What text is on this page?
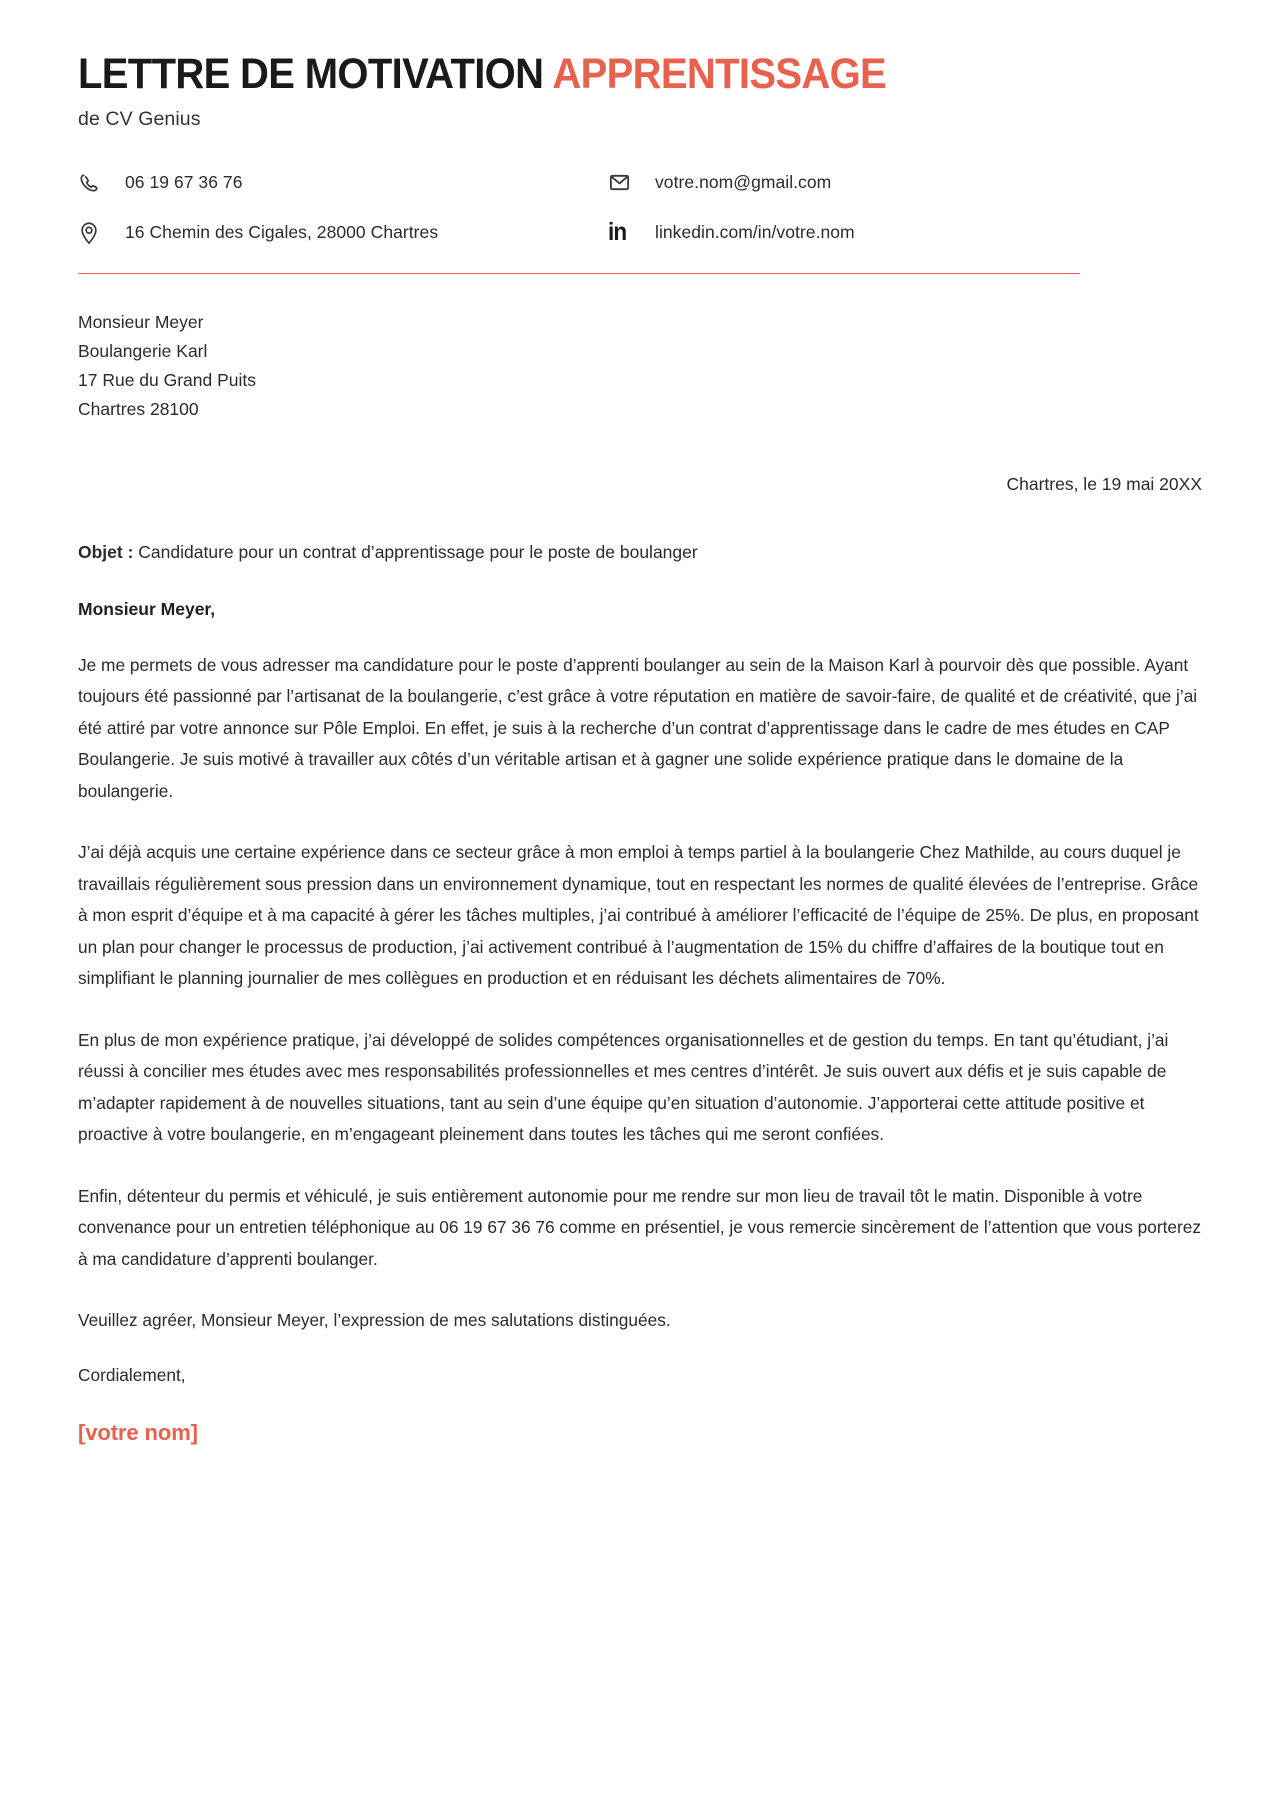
LETTRE DE MOTIVATION APPRENTISSAGE
de CV Genius
06 19 67 36 76	votre.nom@gmail.com
16 Chemin des Cigales, 28000 Chartres	in linkedin.com/in/votre.nom
Monsieur Meyer
Boulangerie Karl
17 Rue du Grand Puits
Chartres 28100
Chartres, le 19 mai 20XX
Objet : Candidature pour un contrat d’apprentissage pour le poste de boulanger
Monsieur Meyer,

Je me permets de vous adresser ma candidature pour le poste d’apprenti boulanger au sein de la Maison Karl à pourvoir dès que possible. Ayant toujours été passionné par l’artisanat de la boulangerie, c’est grâce à votre réputation en matière de savoir-faire, de qualité et de créativité, que j’ai été attiré par votre annonce sur Pôle Emploi. En effet, je suis à la recherche d’un contrat d’apprentissage dans le cadre de mes études en CAP Boulangerie. Je suis motivé à travailler aux côtés d’un véritable artisan et à gagner une solide expérience pratique dans le domaine de la boulangerie.

J’ai déjà acquis une certaine expérience dans ce secteur grâce à mon emploi à temps partiel à la boulangerie Chez Mathilde, au cours duquel je travaillais régulièrement sous pression dans un environnement dynamique, tout en respectant les normes de qualité élevées de l’entreprise. Grâce à mon esprit d’équipe et à ma capacité à gérer les tâches multiples, j’ai contribué à améliorer l’efficacité de l’équipe de 25%. De plus, en proposant un plan pour changer le processus de production, j’ai activement contribué à l’augmentation de 15% du chiffre d’affaires de la boutique tout en simplifiant le planning journalier de mes collègues en production et en réduisant les déchets alimentaires de 70%.

En plus de mon expérience pratique, j’ai développé de solides compétences organisationnelles et de gestion du temps. En tant qu’étudiant, j’ai réussi à concilier mes études avec mes responsabilités professionnelles et mes centres d’intérêt. Je suis ouvert aux défis et je suis capable de m’adapter rapidement à de nouvelles situations, tant au sein d’une équipe qu’en situation d’autonomie. J’apporterai cette attitude positive et proactive à votre boulangerie, en m’engageant pleinement dans toutes les tâches qui me seront confiées.

Enfin, détenteur du permis et véhiculé, je suis entièrement autonomie pour me rendre sur mon lieu de travail tôt le matin. Disponible à votre convenance pour un entretien téléphonique au 06 19 67 36 76 comme en présentiel, je vous remercie sincèrement de l’attention que vous porterez à ma candidature d’apprenti boulanger.

Veuillez agréer, Monsieur Meyer, l’expression de mes salutations distinguées.
Cordialement,
[votre nom]
